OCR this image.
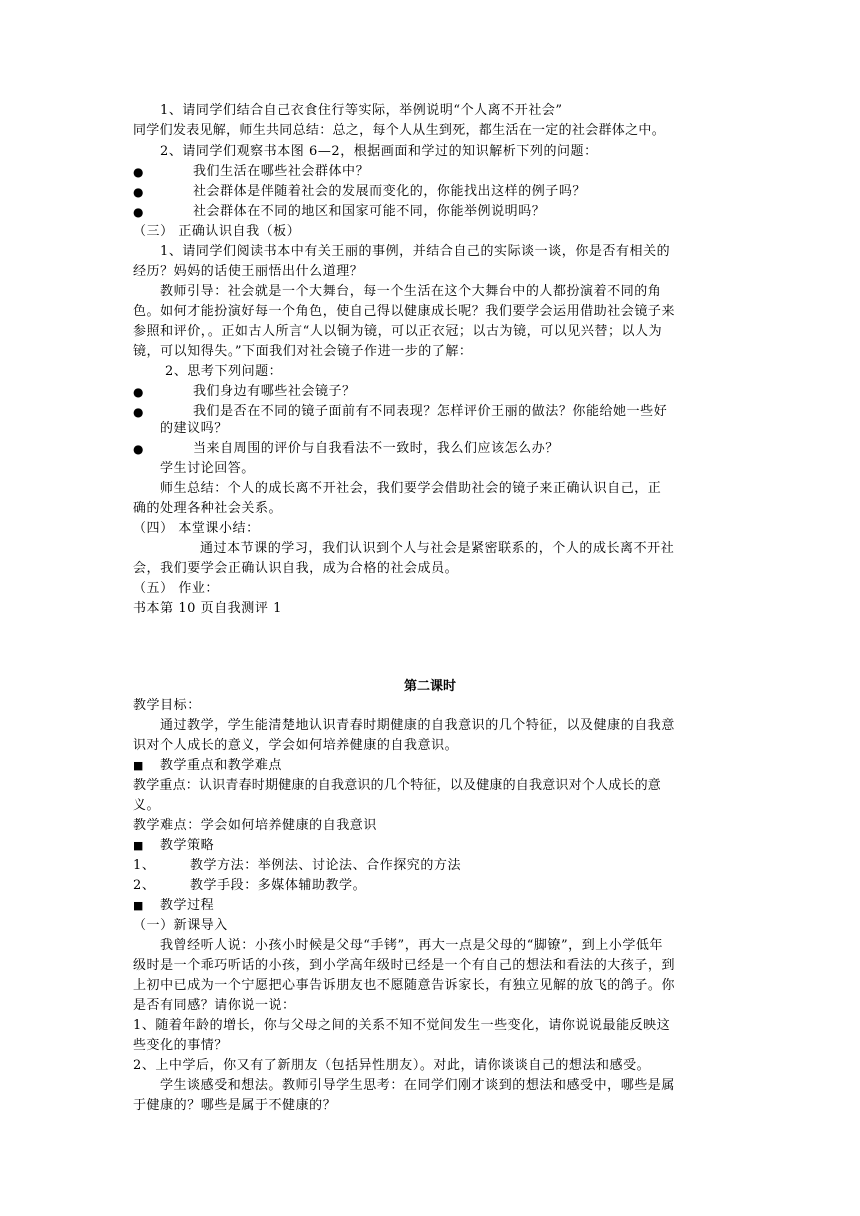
1、请同学们结合自己衣食住行等实际，举例说明“个人离不开社会”
同学们发表见解，师生共同总结：总之，每个人从生到死，都生活在一定的社会群体之中。
2、请同学们观察书本图 6—2，根据画面和学过的知识解析下列的问题：
●	我们生活在哪些社会群体中？
●	社会群体是伴随着社会的发展而变化的，你能找出这样的例子吗？
●	社会群体在不同的地区和国家可能不同，你能举例说明吗？
（三） 正确认识自我（板）
1、请同学们阅读书本中有关王丽的事例，并结合自己的实际谈一谈，你是否有相关的
经历？妈妈的话使王丽悟出什么道理？
教师引导：社会就是一个大舞台，每一个生活在这个大舞台中的人都扮演着不同的角
色。如何才能扮演好每一个角色，使自己得以健康成长呢？我们要学会运用借助社会镜子来
参照和评价，。正如古人所言“人以铜为镜，可以正衣冠；以古为镜，可以见兴替；以人为
镜，可以知得失。”下面我们对社会镜子作进一步的了解：
2、思考下列问题：
●	我们身边有哪些社会镜子？
●	我们是否在不同的镜子面前有不同表现？怎样评价王丽的做法？你能给她一些好
的建议吗？
●	当来自周围的评价与自我看法不一致时，我么们应该怎么办？
学生讨论回答。
师生总结：个人的成长离不开社会，我们要学会借助社会的镜子来正确认识自己，正
确的处理各种社会关系。
（四） 本堂课小结：
通过本节课的学习，我们认识到个人与社会是紧密联系的，个人的成长离不开社
会，我们要学会正确认识自我，成为合格的社会成员。
（五） 作业：
书本第 10 页自我测评 1
第二课时
教学目标：
通过教学，学生能清楚地认识青春时期健康的自我意识的几个特征，以及健康的自我意
识对个人成长的意义，学会如何培养健康的自我意识。
■ 教学重点和教学难点
教学重点：认识青春时期健康的自我意识的几个特征，以及健康的自我意识对个人成长的意
义。
教学难点：学会如何培养健康的自我意识
■ 教学策略
1、	教学方法：举例法、讨论法、合作探究的方法
2、	教学手段：多媒体辅助教学。
■ 教学过程
（一）新课导入
我曾经听人说：小孩小时候是父母“手铐”，再大一点是父母的“脚镣”，到上小学低年
级时是一个乖巧听话的小孩，到小学高年级时已经是一个有自己的想法和看法的大孩子，到
上初中已成为一个宁愿把心事告诉朋友也不愿随意告诉家长，有独立见解的放飞的鸽子。你
是否有同感？请你说一说：
1、随着年龄的增长，你与父母之间的关系不知不觉间发生一些变化，请你说说最能反映这
些变化的事情？
2、上中学后，你又有了新朋友（包括异性朋友）。对此，请你谈谈自己的想法和感受。
学生谈感受和想法。教师引导学生思考：在同学们刚才谈到的想法和感受中，哪些是属
于健康的？哪些是属于不健康的？
